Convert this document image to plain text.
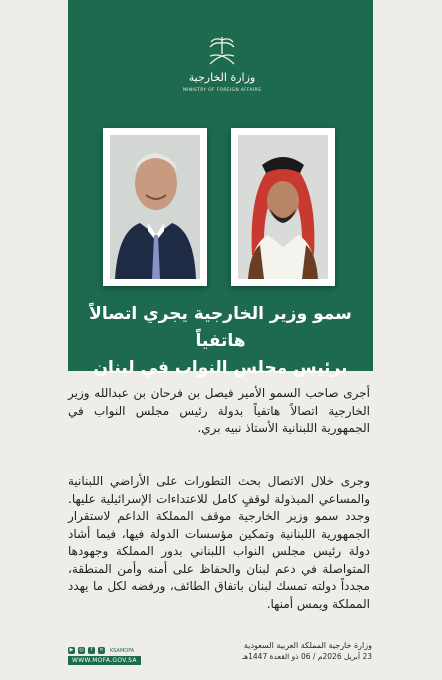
وزارة الخارجية
MINISTRY OF FOREIGN AFFAIRS
سمو وزير الخارجية يجري اتصالاً هاتفياً
برئيس مجلس النواب في لبنان
أجرى صاحب السمو الأمير فيصل بن فرحان بن عبدالله وزير الخارجية اتصالاً هاتفياً بدولة رئيس مجلس النواب في الجمهورية اللبنانية الأستاذ نبيه بري.
وجرى خلال الاتصال بحث التطورات على الأراضي اللبنانية والمساعي المبذولة لوقفٍ كامل للاعتداءات الإسرائيلية عليها. وجدد سمو وزير الخارجية موقف المملكة الداعم لاستقرار الجمهورية اللبنانية وتمكين مؤسسات الدولة فيها، فيما أشاد دولة رئيس مجلس النواب اللبناني بدور المملكة وجهودها المتواصلة في دعم لبنان والحفاظ على أمنه وأمن المنطقة، مجدداً دولته تمسك لبنان باتفاق الطائف، ورفضه لكل ما يهدد المملكة ويمس أمنها.
▶	◎	f	✕ KSAMOFA
WWW.MOFA.GOV.SA
وزارة خارجية المملكة العربية السعودية
23 أبريل 2026م / 06 ذو القعدة 1447هـ
